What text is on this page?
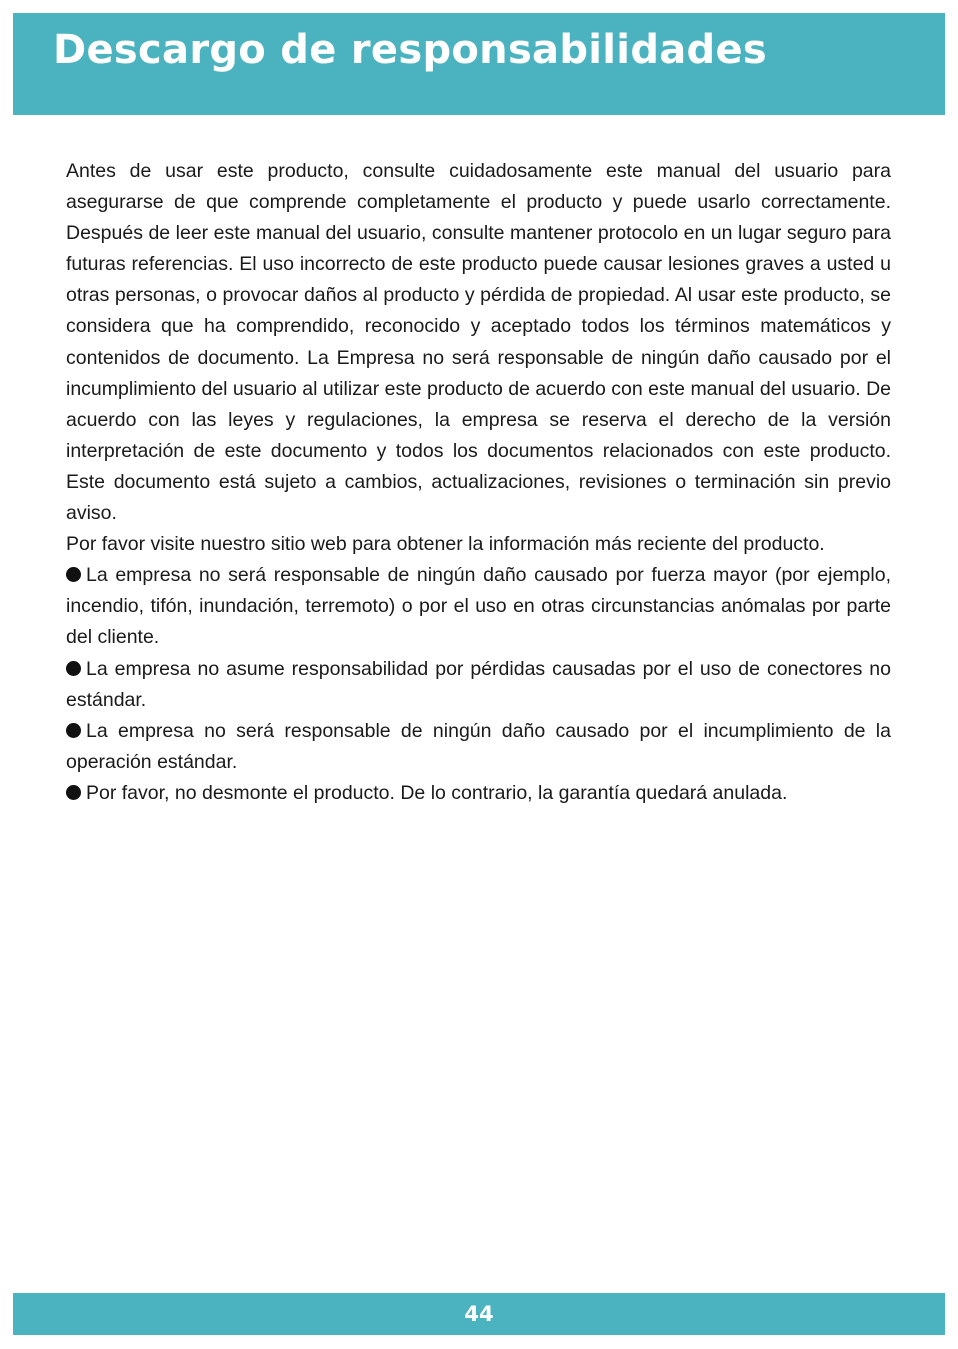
Descargo de responsabilidades

Antes de usar este producto, consulte cuidadosamente este manual del usuario para asegurarse de que comprende completamente el producto y puede usarlo correctamente. Después de leer este manual del usuario, consulte mantener protocolo en un lugar seguro para futuras referencias. El uso incorrecto de este producto puede causar lesiones graves a usted u otras personas, o provocar daños al producto y pérdida de propiedad. Al usar este producto, se considera que ha comprendido, reconocido y aceptado todos los términos matemáticos y contenidos de documento. La Empresa no será responsable de ningún daño causado por el incumplimiento del usuario al utilizar este producto de acuerdo con este manual del usuario. De acuerdo con las leyes y regulaciones, la empresa se reserva el derecho de la versión interpretación de este documento y todos los documentos relacionados con este producto. Este documento está sujeto a cambios, actualizaciones, revisiones o terminación sin previo aviso.

Por favor visite nuestro sitio web para obtener la información más reciente del producto.

La empresa no será responsable de ningún daño causado por fuerza mayor (por ejemplo, incendio, tifón, inundación, terremoto) o por el uso en otras circunstancias anómalas por parte del cliente.

La empresa no asume responsabilidad por pérdidas causadas por el uso de conectores no estándar.

La empresa no será responsable de ningún daño causado por el incumplimiento de la operación estándar.

Por favor, no desmonte el producto. De lo contrario, la garantía quedará anulada.

44
